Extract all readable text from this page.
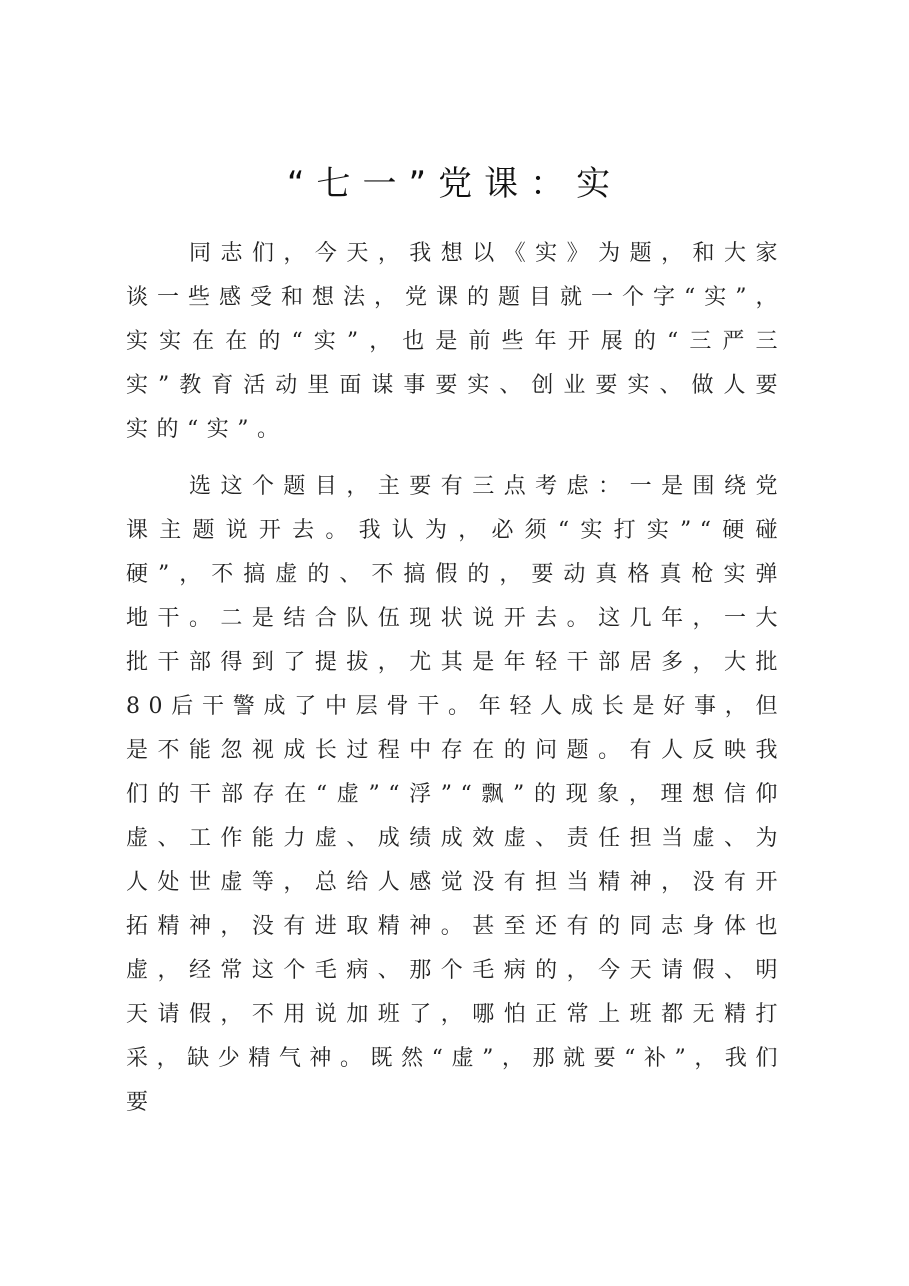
“七一”党课：实

同志们，今天，我想以《实》为题，和大家谈一些感受和想法，党课的题目就一个字“实”，实实在在的“实”，也是前些年开展的“三严三实”教育活动里面谋事要实、创业要实、做人要实的“实”。

选这个题目，主要有三点考虑：一是围绕党课主题说开去。我认为，必须“实打实”“硬碰硬”，不搞虚的、不搞假的，要动真格真枪实弹地干。二是结合队伍现状说开去。这几年，一大批干部得到了提拔，尤其是年轻干部居多，大批80后干警成了中层骨干。年轻人成长是好事，但是不能忽视成长过程中存在的问题。有人反映我们的干部存在“虚”“浮”“飘”的现象，理想信仰虚、工作能力虚、成绩成效虚、责任担当虚、为人处世虚等，总给人感觉没有担当精神，没有开拓精神，没有进取精神。甚至还有的同志身体也虚，经常这个毛病、那个毛病的，今天请假、明天请假，不用说加班了，哪怕正常上班都无精打采，缺少精气神。既然“虚”，那就要“补”，我们要
